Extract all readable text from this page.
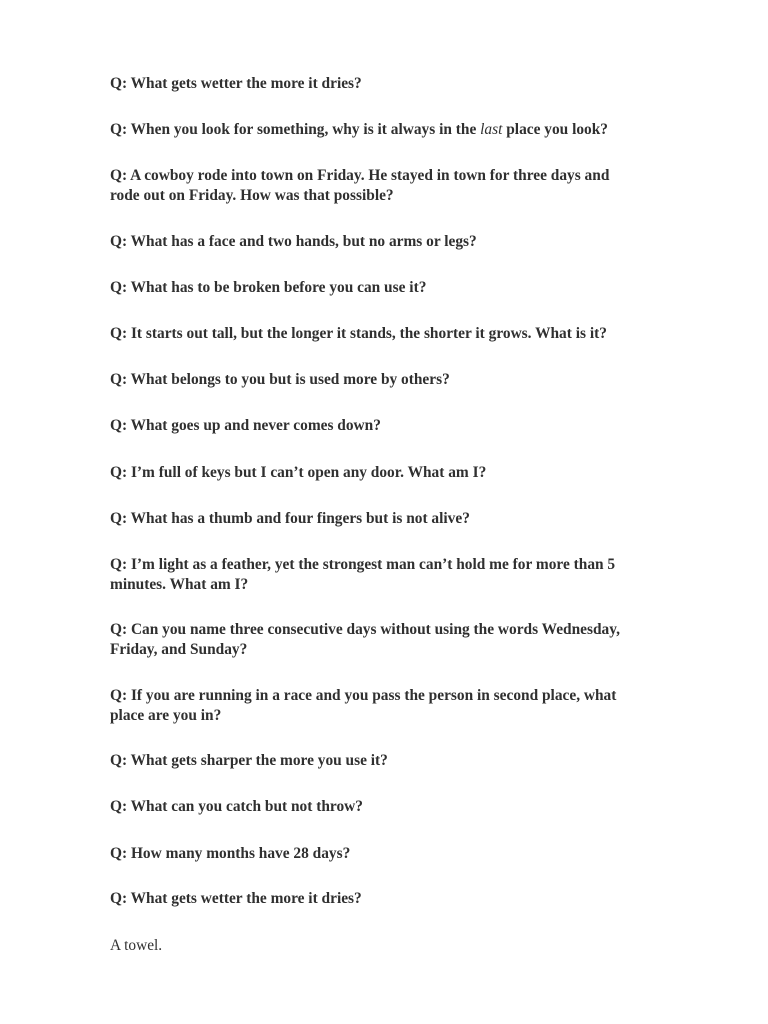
Q: What gets wetter the more it dries?

Q: When you look for something, why is it always in the last place you look?

Q: A cowboy rode into town on Friday. He stayed in town for three days and
rode out on Friday. How was that possible?

Q: What has a face and two hands, but no arms or legs?

Q: What has to be broken before you can use it?

Q: It starts out tall, but the longer it stands, the shorter it grows. What is it?

Q: What belongs to you but is used more by others?

Q: What goes up and never comes down?

Q: I’m full of keys but I can’t open any door. What am I?

Q: What has a thumb and four fingers but is not alive?

Q: I’m light as a feather, yet the strongest man can’t hold me for more than 5
minutes. What am I?

Q: Can you name three consecutive days without using the words Wednesday,
Friday, and Sunday?

Q: If you are running in a race and you pass the person in second place, what
place are you in?

Q: What gets sharper the more you use it?

Q: What can you catch but not throw?

Q: How many months have 28 days?

Q: What gets wetter the more it dries?

A towel.
